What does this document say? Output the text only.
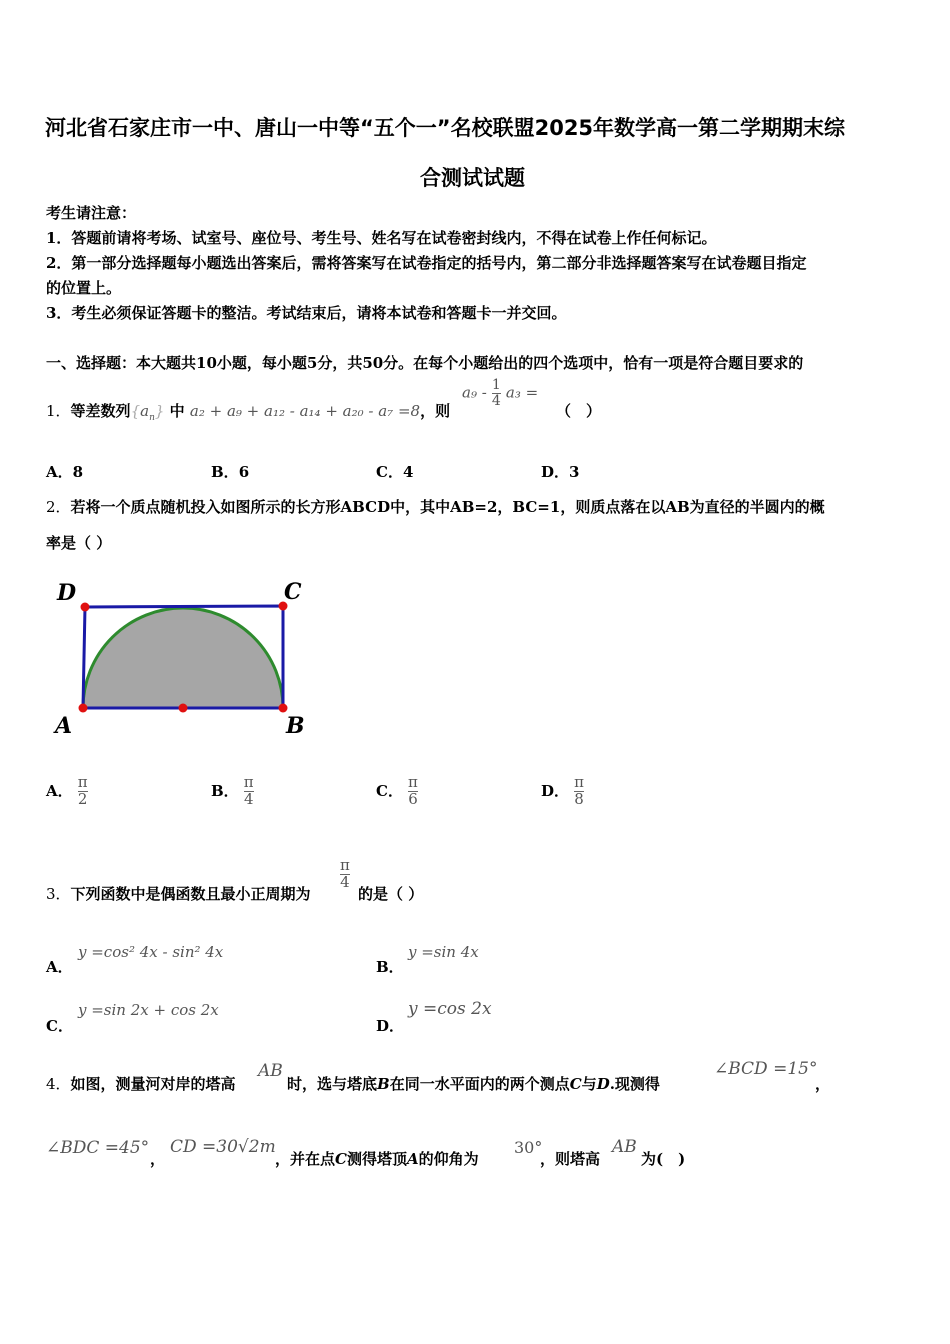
河北省石家庄市一中、唐山一中等“五个一”名校联盟2025年数学高一第二学期期末综
合测试试题
考生请注意：
1．答题前请将考场、试室号、座位号、考生号、姓名写在试卷密封线内，不得在试卷上作任何标记。
2．第一部分选择题每小题选出答案后，需将答案写在试卷指定的括号内，第二部分非选择题答案写在试卷题目指定
的位置上。
3．考生必须保证答题卡的整洁。考试结束后，请将本试卷和答题卡一并交回。
一、选择题：本大题共10小题，每小题5分，共50分。在每个小题给出的四个选项中，恰有一项是符合题目要求的
1．等差数列$\{a_n\}$ 中 a₂ + a₉ + a₁₂ - a₁₄ + a₂₀ - a₇ =8，则
$a_9 - \frac{1}{4} a_3$ =
（　）
A．8	B．6	C．4	D．3
2．若将一个质点随机投入如图所示的长方形ABCD中，其中AB=2，BC=1，则质点落在以AB为直径的半圆内的概
率是（ ）
D	C
A	B
A． $\frac{\pi}{2}$	B． $\frac{\pi}{4}$	C． $\frac{\pi}{6}$	D． $\frac{\pi}{8}$
3．下列函数中是偶函数且最小正周期为
$\frac{\pi}{4}$
的是（ ）
A．
y =cos² 4x - sin² 4x
B．
y =sin 4x
C．
y =sin 2x + cos 2x
D．
y =cos 2x
4．如图，测量河对岸的塔高
AB
时，选与塔底B在同一水平面内的两个测点C与D.现测得
∠BCD =15°
，
∠BDC =45°
，
CD =30√2m
，并在点C测得塔顶A的仰角为
30°
，则塔高
AB
为(　)
